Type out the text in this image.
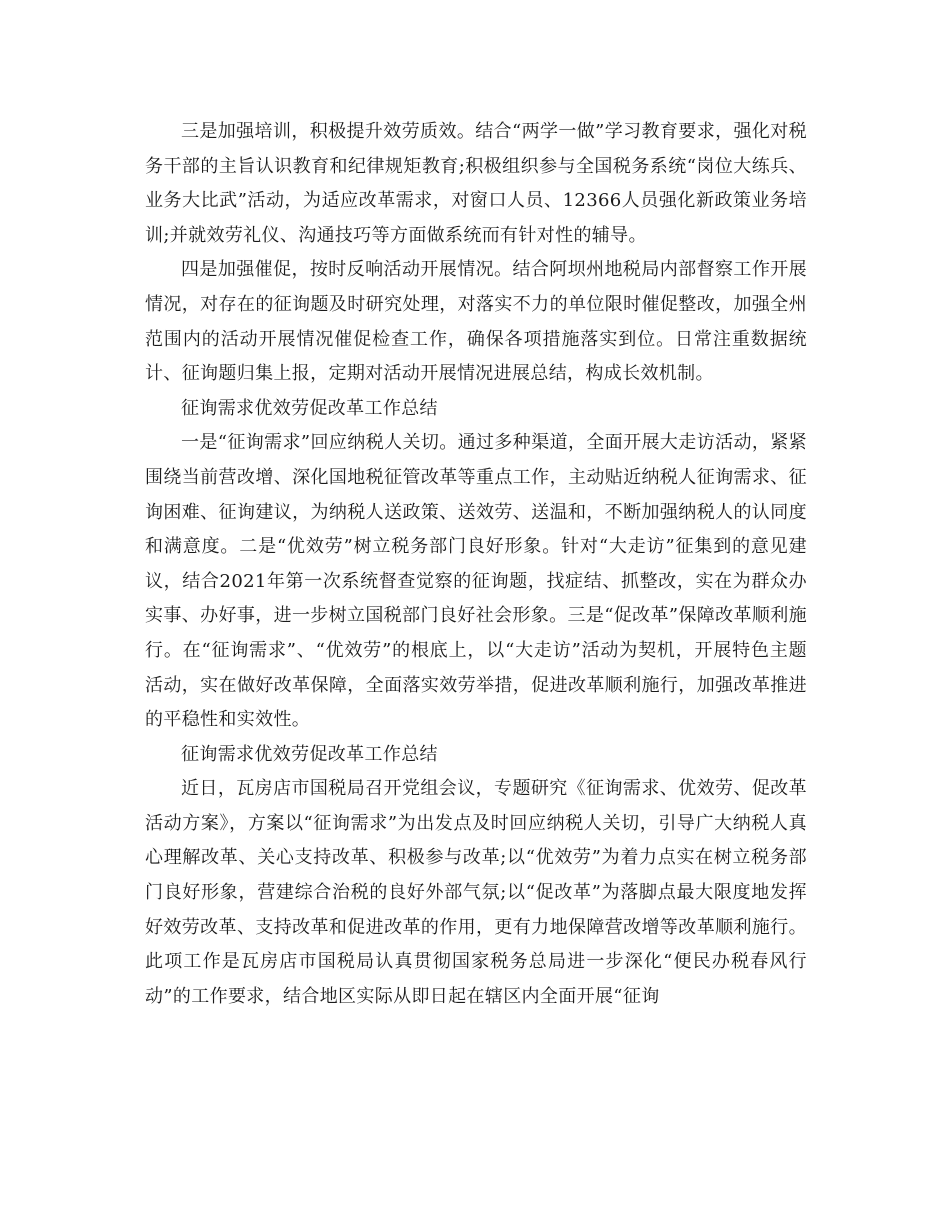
三是加强培训，积极提升效劳质效。结合“两学一做”学习教育要求，强化对税务干部的主旨认识教育和纪律规矩教育;积极组织参与全国税务系统“岗位大练兵、业务大比武”活动，为适应改革需求，对窗口人员、12366人员强化新政策业务培训;并就效劳礼仪、沟通技巧等方面做系统而有针对性的辅导。

四是加强催促，按时反响活动开展情况。结合阿坝州地税局内部督察工作开展情况，对存在的征询题及时研究处理，对落实不力的单位限时催促整改，加强全州范围内的活动开展情况催促检查工作，确保各项措施落实到位。日常注重数据统计、征询题归集上报，定期对活动开展情况进展总结，构成长效机制。

征询需求优效劳促改革工作总结

一是“征询需求”回应纳税人关切。通过多种渠道，全面开展大走访活动，紧紧围绕当前营改增、深化国地税征管改革等重点工作，主动贴近纳税人征询需求、征询困难、征询建议，为纳税人送政策、送效劳、送温和，不断加强纳税人的认同度和满意度。二是“优效劳”树立税务部门良好形象。针对“大走访”征集到的意见建议，结合2021年第一次系统督查觉察的征询题，找症结、抓整改，实在为群众办实事、办好事，进一步树立国税部门良好社会形象。三是“促改革”保障改革顺利施行。在“征询需求”、“优效劳”的根底上，以“大走访”活动为契机，开展特色主题活动，实在做好改革保障，全面落实效劳举措，促进改革顺利施行，加强改革推进的平稳性和实效性。

征询需求优效劳促改革工作总结

近日，瓦房店市国税局召开党组会议，专题研究《征询需求、优效劳、促改革活动方案》，方案以“征询需求”为出发点及时回应纳税人关切，引导广大纳税人真心理解改革、关心支持改革、积极参与改革;以“优效劳”为着力点实在树立税务部门良好形象，营建综合治税的良好外部气氛;以“促改革”为落脚点最大限度地发挥好效劳改革、支持改革和促进改革的作用，更有力地保障营改增等改革顺利施行。此项工作是瓦房店市国税局认真贯彻国家税务总局进一步深化“便民办税春风行动”的工作要求，结合地区实际从即日起在辖区内全面开展“征询
